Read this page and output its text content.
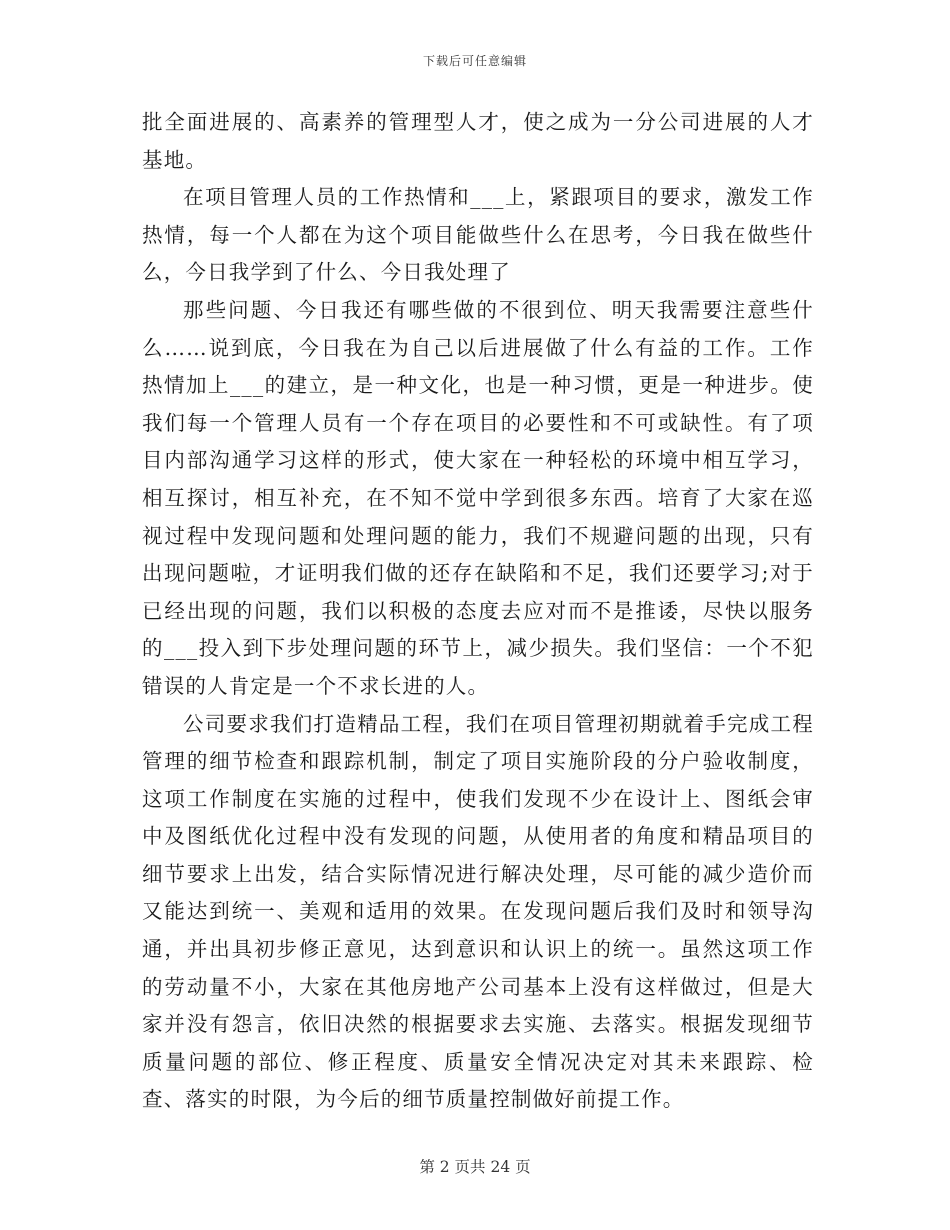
下载后可任意编辑

批全面进展的、高素养的管理型人才，使之成为一分公司进展的人才基地。

在项目管理人员的工作热情和___上，紧跟项目的要求，激发工作热情，每一个人都在为这个项目能做些什么在思考，今日我在做些什么，今日我学到了什么、今日我处理了

那些问题、今日我还有哪些做的不很到位、明天我需要注意些什么……说到底，今日我在为自己以后进展做了什么有益的工作。工作热情加上___的建立，是一种文化，也是一种习惯，更是一种进步。使我们每一个管理人员有一个存在项目的必要性和不可或缺性。有了项目内部沟通学习这样的形式，使大家在一种轻松的环境中相互学习，相互探讨，相互补充，在不知不觉中学到很多东西。培育了大家在巡视过程中发现问题和处理问题的能力，我们不规避问题的出现，只有出现问题啦，才证明我们做的还存在缺陷和不足，我们还要学习;对于已经出现的问题，我们以积极的态度去应对而不是推诿，尽快以服务的___投入到下步处理问题的环节上，减少损失。我们坚信：一个不犯错误的人肯定是一个不求长进的人。

公司要求我们打造精品工程，我们在项目管理初期就着手完成工程管理的细节检查和跟踪机制，制定了项目实施阶段的分户验收制度，这项工作制度在实施的过程中，使我们发现不少在设计上、图纸会审中及图纸优化过程中没有发现的问题，从使用者的角度和精品项目的细节要求上出发，结合实际情况进行解决处理，尽可能的减少造价而又能达到统一、美观和适用的效果。在发现问题后我们及时和领导沟通，并出具初步修正意见，达到意识和认识上的统一。虽然这项工作的劳动量不小，大家在其他房地产公司基本上没有这样做过，但是大家并没有怨言，依旧决然的根据要求去实施、去落实。根据发现细节质量问题的部位、修正程度、质量安全情况决定对其未来跟踪、检查、落实的时限，为今后的细节质量控制做好前提工作。

第 2 页共 24 页
